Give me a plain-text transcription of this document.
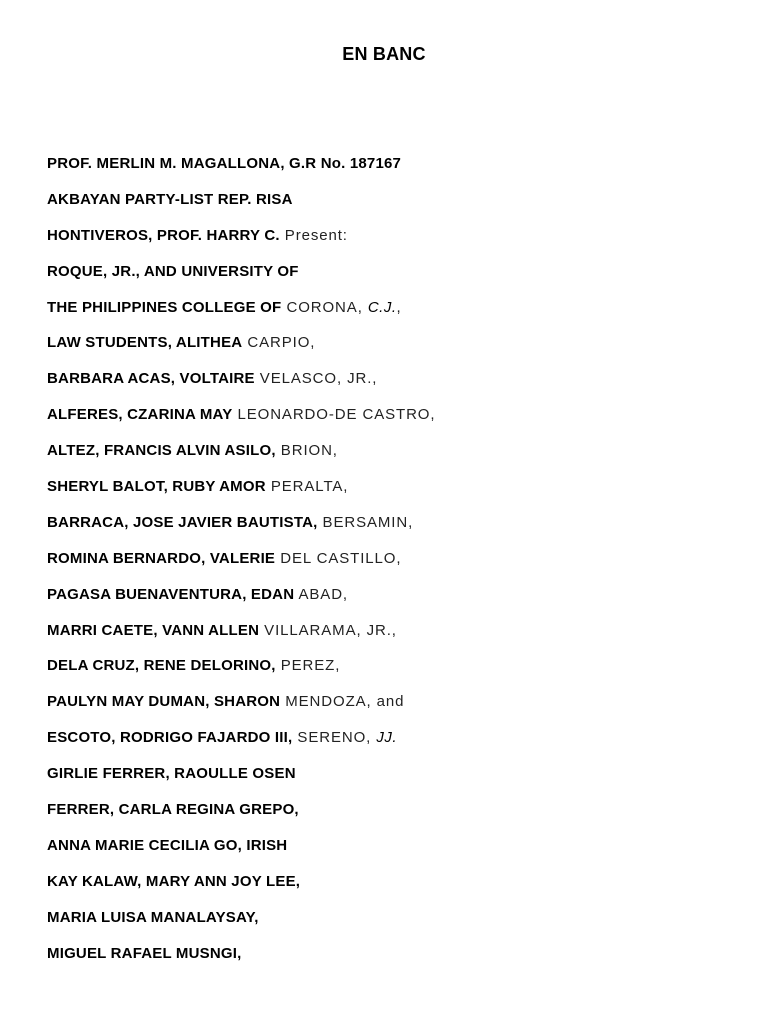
EN BANC
PROF. MERLIN M. MAGALLONA, G.R No. 187167
AKBAYAN PARTY-LIST REP. RISA
HONTIVEROS, PROF. HARRY C. Present:
ROQUE, JR., AND UNIVERSITY OF
THE PHILIPPINES COLLEGE OF CORONA, C.J.,
LAW STUDENTS, ALITHEA CARPIO,
BARBARA ACAS, VOLTAIRE VELASCO, JR.,
ALFERES, CZARINA MAY LEONARDO-DE CASTRO,
ALTEZ, FRANCIS ALVIN ASILO, BRION,
SHERYL BALOT, RUBY AMOR PERALTA,
BARRACA, JOSE JAVIER BAUTISTA, BERSAMIN,
ROMINA BERNARDO, VALERIE DEL CASTILLO,
PAGASA BUENAVENTURA, EDAN ABAD,
MARRI CAETE, VANN ALLEN VILLARAMA, JR.,
DELA CRUZ, RENE DELORINO, PEREZ,
PAULYN MAY DUMAN, SHARON MENDOZA, and
ESCOTO, RODRIGO FAJARDO III, SERENO, JJ.
GIRLIE FERRER, RAOULLE OSEN
FERRER, CARLA REGINA GREPO,
ANNA MARIE CECILIA GO, IRISH
KAY KALAW, MARY ANN JOY LEE,
MARIA LUISA MANALAYSAY,
MIGUEL RAFAEL MUSNGI,
